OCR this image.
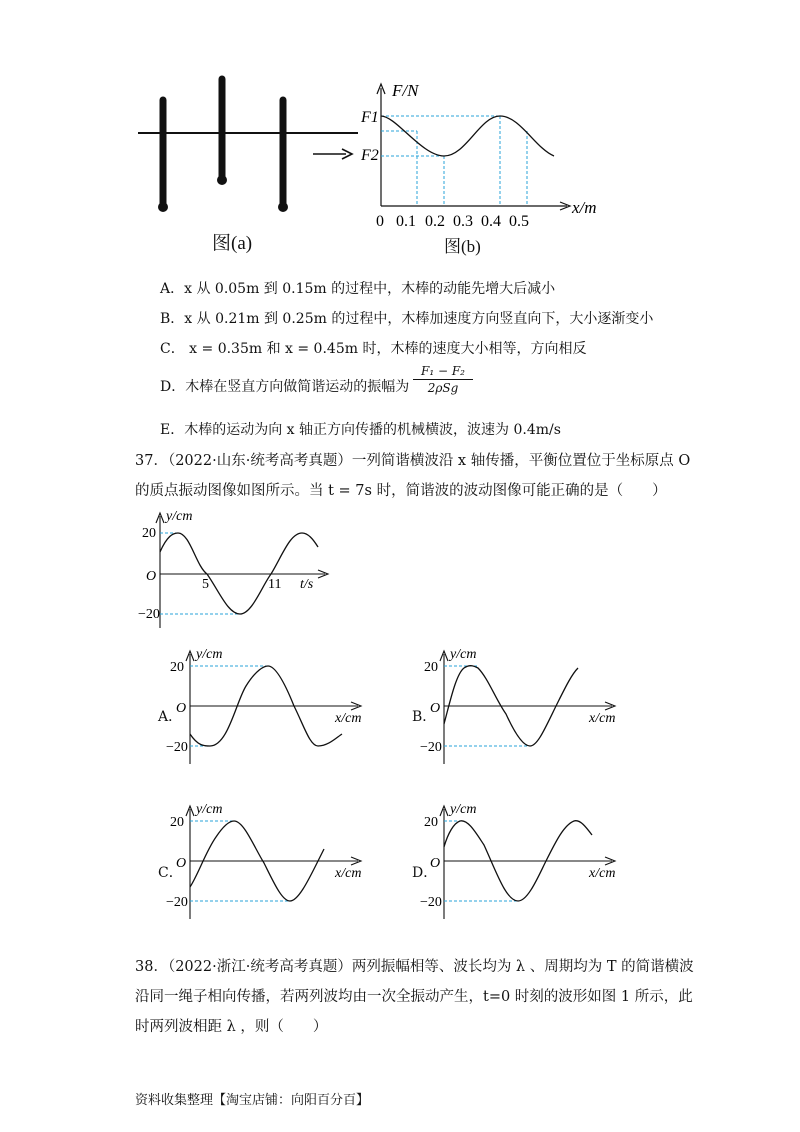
图(a)
F/N
x/m
F1
F2
0 0.1 0.2 0.3 0.4 0.5
图(b)
A．x 从 0.05m 到 0.15m 的过程中，木棒的动能先增大后减小
B．x 从 0.21m 到 0.25m 的过程中，木棒加速度方向竖直向下，大小逐渐变小
C． x = 0.35m 和 x = 0.45m 时，木棒的速度大小相等，方向相反
D．木棒在竖直方向做简谐运动的振幅为
F₁ − F₂
2ρSg
E．木棒的运动为向 x 轴正方向传播的机械横波，波速为 0.4m/s
37．（2022·山东·统考高考真题）一列简谐横波沿 x 轴传播，平衡位置位于坐标原点 O
的质点振动图像如图所示。当 t = 7s 时，简谐波的波动图像可能正确的是（　　）
y/cm
t/s
O
20
−20
5	11
A．	B．
C．	D．
y/cm
x/cm
O
20
−20
y/cm
x/cm
O
20
−20
y/cm
x/cm
O
20
−20
y/cm
x/cm
O
20
−20
38．（2022·浙江·统考高考真题）两列振幅相等、波长均为 λ 、周期均为 T 的简谐横波
沿同一绳子相向传播，若两列波均由一次全振动产生，t=0 时刻的波形如图 1 所示，此
时两列波相距 λ ，则（　　）
资料收集整理【淘宝店铺：向阳百分百】
